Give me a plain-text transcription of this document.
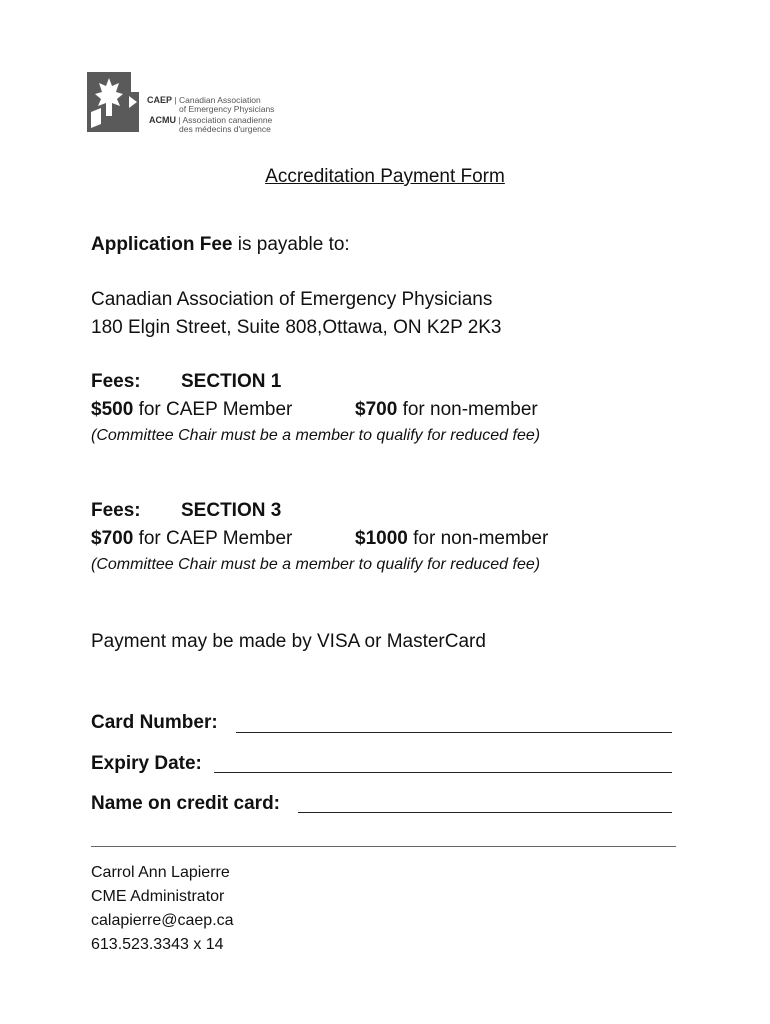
CAEP | Canadian Association
of Emergency Physicians
ACMU | Association canadienne
des médecins d'urgence
Accreditation Payment Form
Application Fee is payable to:
Canadian Association of Emergency Physicians
180 Elgin Street, Suite 808,Ottawa, ON K2P 2K3
Fees: SECTION 1
$500 for CAEP Member	$700 for non-member
(Committee Chair must be a member to qualify for reduced fee)
Fees: SECTION 3
$700 for CAEP Member	$1000 for non-member
(Committee Chair must be a member to qualify for reduced fee)
Payment may be made by VISA or MasterCard
Card Number:
Expiry Date:
Name on credit card:
Carrol Ann Lapierre
CME Administrator
calapierre@caep.ca
613.523.3343 x 14
